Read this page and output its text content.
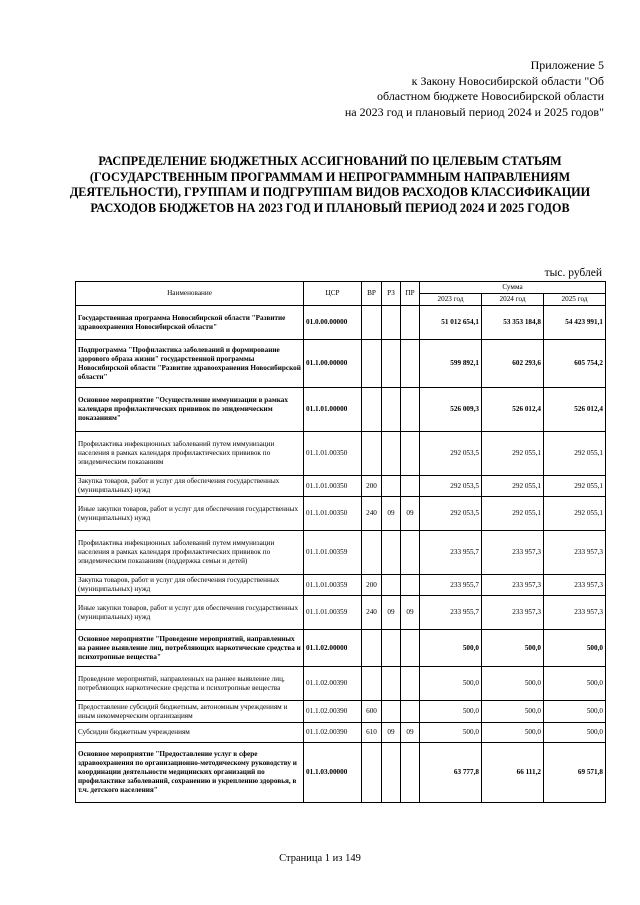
Приложение 5
к Закону Новосибирской области "Об
областном бюджете Новосибирской области
на 2023 год и плановый период 2024 и 2025 годов"
РАСПРЕДЕЛЕНИЕ БЮДЖЕТНЫХ АССИГНОВАНИЙ ПО ЦЕЛЕВЫМ СТАТЬЯМ
(ГОСУДАРСТВЕННЫМ ПРОГРАММАМ И НЕПРОГРАММНЫМ НАПРАВЛЕНИЯМ
ДЕЯТЕЛЬНОСТИ), ГРУППАМ И ПОДГРУППАМ ВИДОВ РАСХОДОВ КЛАССИФИКАЦИИ
РАСХОДОВ БЮДЖЕТОВ НА 2023 ГОД И ПЛАНОВЫЙ ПЕРИОД 2024 И 2025 ГОДОВ
тыс. рублей
Наименование	ЦСР	ВР	РЗ	ПР	Сумма		
					2023 год	2024 год	2025 год
Государственная программа Новосибирской области "Развитие здравоохранения Новосибирской области"	01.0.00.00000				51 012 654,1	53 353 184,8	54 423 991,1
Подпрограмма "Профилактика заболеваний и формирование здорового образа жизни" государственной программы Новосибирской области "Развитие здравоохранения Новосибирской области"	01.1.00.00000				599 892,1	602 293,6	605 754,2
Основное мероприятие "Осуществление иммунизации в рамках календаря профилактических прививок по эпидемическим показаниям"	01.1.01.00000				526 009,3	526 012,4	526 012,4
Профилактика инфекционных заболеваний путем иммунизации населения в рамках календаря профилактических прививок по эпидемическим показаниям	01.1.01.00350				292 053,5	292 055,1	292 055,1
Закупка товаров, работ и услуг для обеспечения государственных (муниципальных) нужд	01.1.01.00350	200			292 053,5	292 055,1	292 055,1
Иные закупки товаров, работ и услуг для обеспечения государственных (муниципальных) нужд	01.1.01.00350	240	09	09	292 053,5	292 055,1	292 055,1
Профилактика инфекционных заболеваний путем иммунизации населения в рамках календаря профилактических прививок по эпидемическим показаниям (поддержка семьи и детей)	01.1.01.00359				233 955,7	233 957,3	233 957,3
Закупка товаров, работ и услуг для обеспечения государственных (муниципальных) нужд	01.1.01.00359	200			233 955,7	233 957,3	233 957,3
Иные закупки товаров, работ и услуг для обеспечения государственных (муниципальных) нужд	01.1.01.00359	240	09	09	233 955,7	233 957,3	233 957,3
Основное мероприятие "Проведение мероприятий, направленных на раннее выявление лиц, потребляющих наркотические средства и психотропные вещества"	01.1.02.00000				500,0	500,0	500,0
Проведение мероприятий, направленных на раннее выявление лиц, потребляющих наркотические средства и психотропные вещества	01.1.02.00390				500,0	500,0	500,0
Предоставление субсидий бюджетным, автономным учреждениям и иным некоммерческим организациям	01.1.02.00390	600			500,0	500,0	500,0
Субсидии бюджетным учреждениям	01.1.02.00390	610	09	09	500,0	500,0	500,0
Основное мероприятие "Предоставление услуг в сфере здравоохранения по организационно-методическому руководству и координации деятельности медицинских организаций по профилактике заболеваний, сохранению и укреплению здоровья, в т.ч. детского населения"	01.1.03.00000				63 777,8	66 111,2	69 571,8
Страница 1 из 149
